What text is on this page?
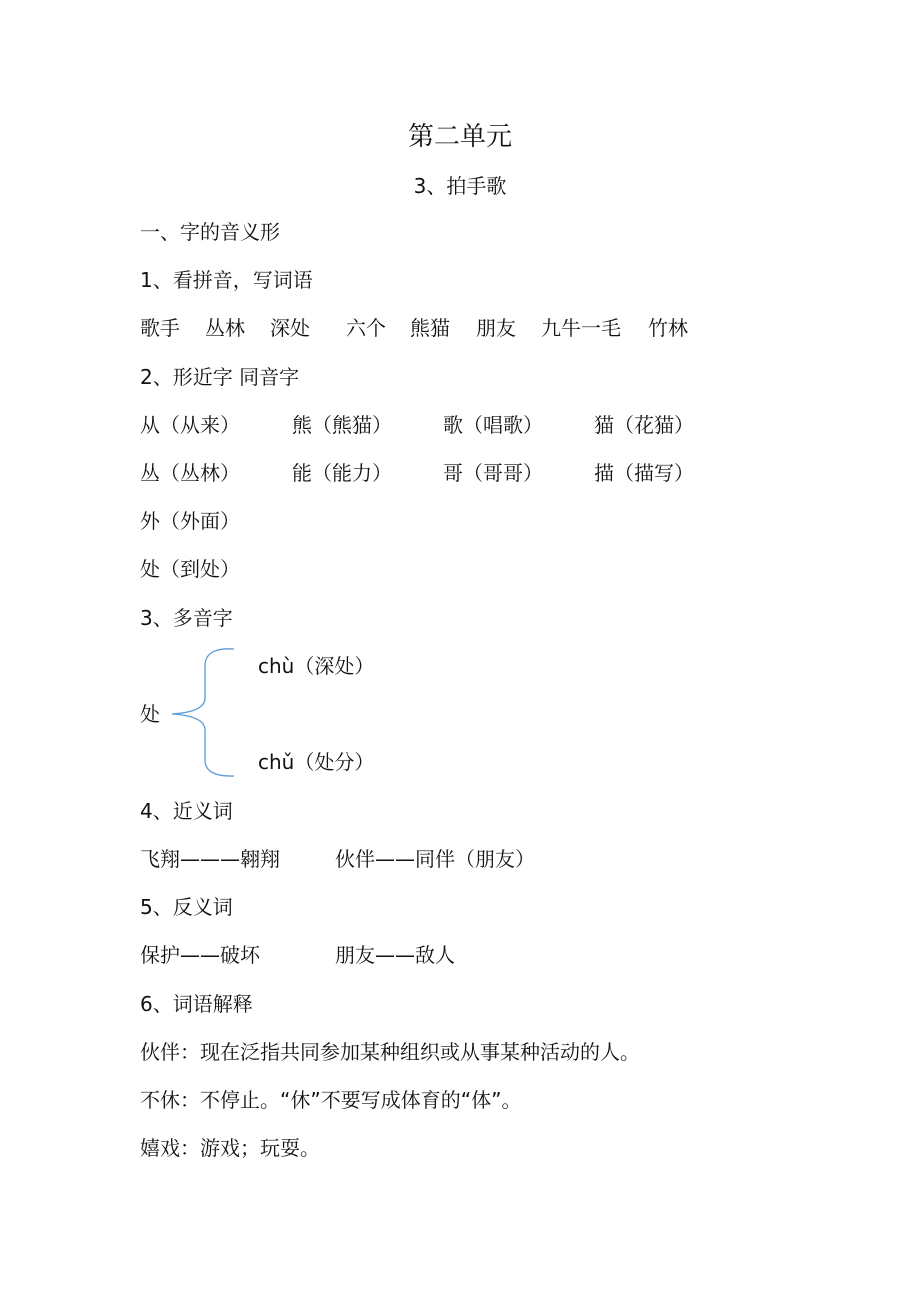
第二单元
3、拍手歌
一、字的音义形
1、看拼音，写词语
歌手 丛林 深处 六个 熊猫 朋友 九牛一毛 竹林
2、形近字 同音字
从（从来）	熊（熊猫）	歌（唱歌）	猫（花猫）
丛（丛林）	能（能力）	哥（哥哥）	描（描写）
外（外面）
处（到处）
3、多音字
chù（深处）
处
chǔ（处分）
4、近义词
飞翔———翱翔	伙伴——同伴（朋友）
5、反义词
保护——破坏	朋友——敌人
6、词语解释
伙伴：现在泛指共同参加某种组织或从事某种活动的人。
不休：不停止。“休”不要写成体育的“体”。
嬉戏：游戏；玩耍。
